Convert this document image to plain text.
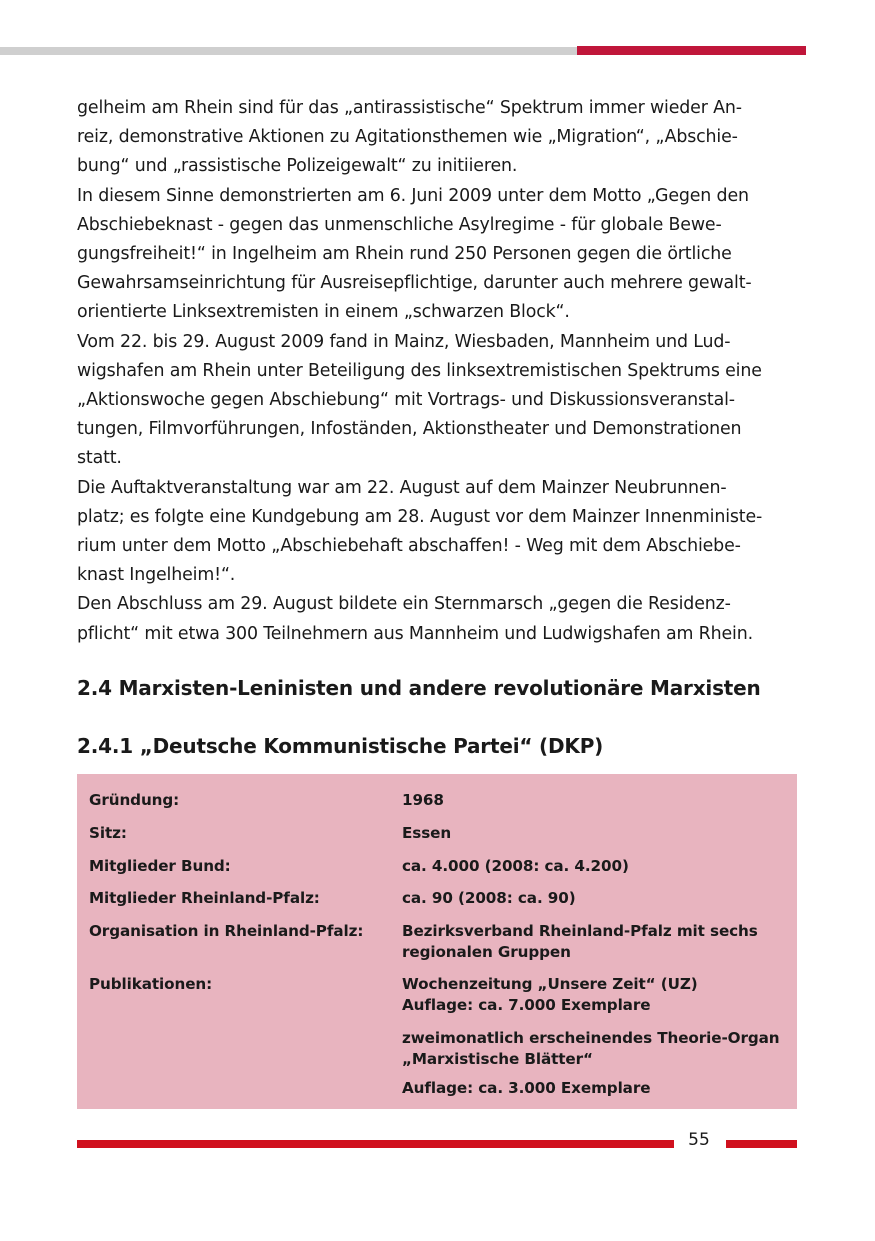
gelheim am Rhein sind für das „antirassistische“ Spektrum immer wieder An-
reiz, demonstrative Aktionen zu Agitationsthemen wie „Migration“, „Abschie-
bung“ und „rassistische Polizeigewalt“ zu initiieren.

In diesem Sinne demonstrierten am 6. Juni 2009 unter dem Motto „Gegen den
Abschiebeknast - gegen das unmenschliche Asylregime - für globale Bewe-
gungsfreiheit!“ in Ingelheim am Rhein rund 250 Personen gegen die örtliche
Gewahrsamseinrichtung für Ausreisepflichtige, darunter auch mehrere gewalt-
orientierte Linksextremisten in einem „schwarzen Block“.

Vom 22. bis 29. August 2009 fand in Mainz, Wiesbaden, Mannheim und Lud-
wigshafen am Rhein unter Beteiligung des linksextremistischen Spektrums eine
„Aktionswoche gegen Abschiebung“ mit Vortrags- und Diskussionsveranstal-
tungen, Filmvorführungen, Infoständen, Aktionstheater und Demonstrationen
statt.

Die Auftaktveranstaltung war am 22. August auf dem Mainzer Neubrunnen-
platz; es folgte eine Kundgebung am 28. August vor dem Mainzer Innenministe-
rium unter dem Motto „Abschiebehaft abschaffen! - Weg mit dem Abschiebe-
knast Ingelheim!“.

Den Abschluss am 29. August bildete ein Sternmarsch „gegen die Residenz-
pflicht“ mit etwa 300 Teilnehmern aus Mannheim und Ludwigshafen am Rhein.

2.4 Marxisten-Leninisten und andere revolutionäre Marxisten
2.4.1 „Deutsche Kommunistische Partei“ (DKP)
Gründung:	1968
Sitz:	Essen
Mitglieder Bund:	ca. 4.000 (2008: ca. 4.200)
Mitglieder Rheinland-Pfalz:	ca. 90 (2008: ca. 90)
Organisation in Rheinland-Pfalz:	Bezirksverband Rheinland-Pfalz mit sechs
regionalen Gruppen
Publikationen:	Wochenzeitung „Unsere Zeit“ (UZ)
Auflage: ca. 7.000 Exemplare
zweimonatlich erscheinendes Theorie-Organ
„Marxistische Blätter“
Auflage: ca. 3.000 Exemplare
55
